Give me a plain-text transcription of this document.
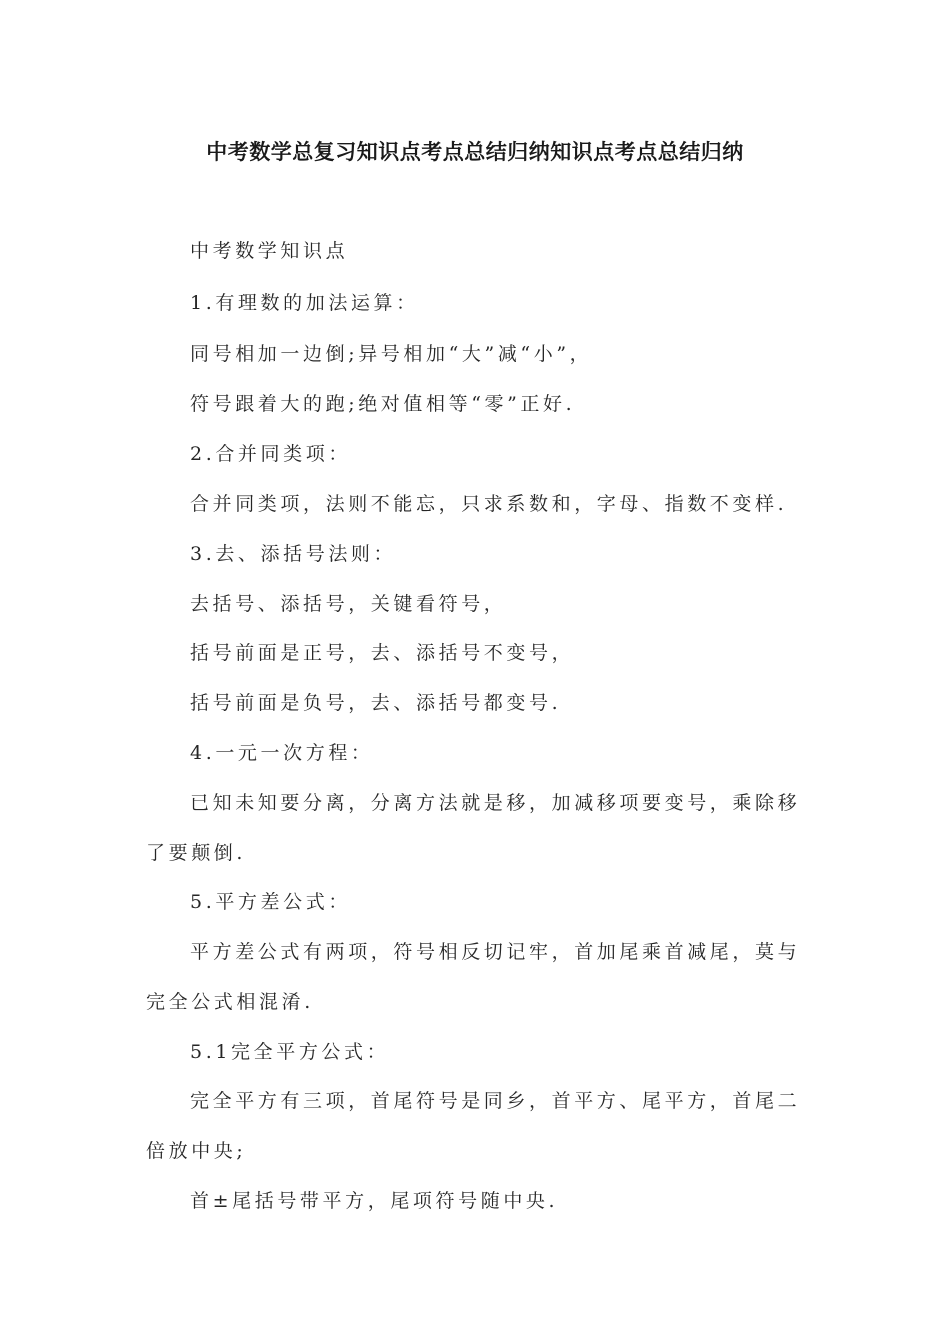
中考数学总复习知识点考点总结归纳知识点考点总结归纳

中考数学知识点

1.有理数的加法运算：

同号相加一边倒;异号相加“大”减“小”，

符号跟着大的跑;绝对值相等“零”正好.

2.合并同类项：

合并同类项，法则不能忘，只求系数和，字母、指数不变样.

3.去、添括号法则：

去括号、添括号，关键看符号，

括号前面是正号，去、添括号不变号，

括号前面是负号，去、添括号都变号.

4.一元一次方程：

已知未知要分离，分离方法就是移，加减移项要变号，乘除移

了要颠倒.

5.平方差公式：

平方差公式有两项，符号相反切记牢，首加尾乘首减尾，莫与

完全公式相混淆.

5.1完全平方公式：

完全平方有三项，首尾符号是同乡，首平方、尾平方，首尾二

倍放中央;

首±尾括号带平方，尾项符号随中央.
